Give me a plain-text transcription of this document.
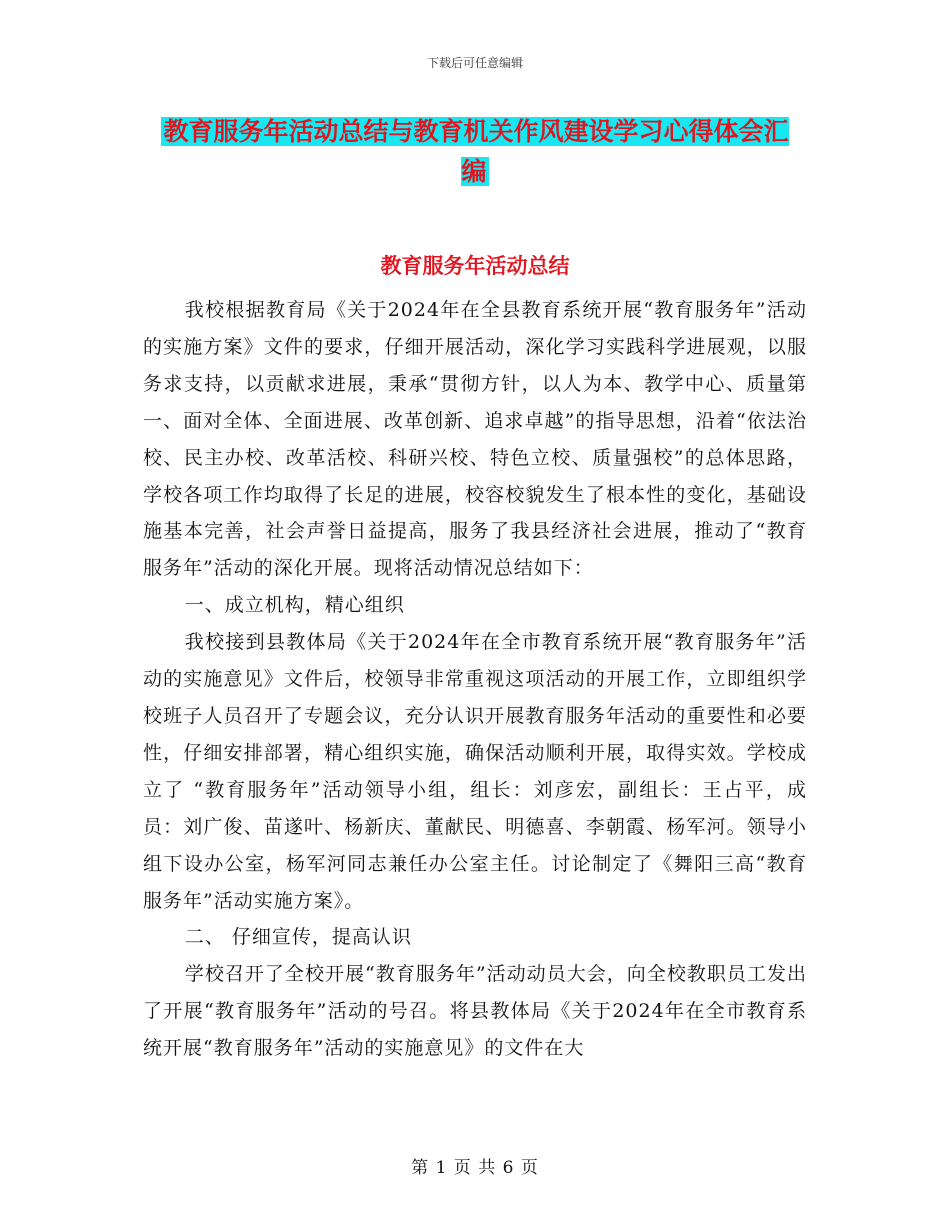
下载后可任意编辑
教育服务年活动总结与教育机关作风建设学习心得体会汇编
教育服务年活动总结

我校根据教育局《关于2024年在全县教育系统开展“教育服务年”活动的实施方案》文件的要求，仔细开展活动，深化学习实践科学进展观，以服务求支持，以贡献求进展，秉承“贯彻方针，以人为本、教学中心、质量第一、面对全体、全面进展、改革创新、追求卓越”的指导思想，沿着“依法治校、民主办校、改革活校、科研兴校、特色立校、质量强校”的总体思路，学校各项工作均取得了长足的进展，校容校貌发生了根本性的变化，基础设施基本完善，社会声誉日益提高，服务了我县经济社会进展，推动了“教育服务年”活动的深化开展。现将活动情况总结如下：

一、成立机构，精心组织

我校接到县教体局《关于2024年在全市教育系统开展“教育服务年”活动的实施意见》文件后，校领导非常重视这项活动的开展工作，立即组织学校班子人员召开了专题会议，充分认识开展教育服务年活动的重要性和必要性，仔细安排部署，精心组织实施，确保活动顺利开展，取得实效。学校成立了 “教育服务年”活动领导小组，组长：刘彦宏，副组长：王占平，成员：刘广俊、苗遂叶、杨新庆、董献民、明德喜、李朝霞、杨军河。领导小组下设办公室，杨军河同志兼任办公室主任。讨论制定了《舞阳三高“教育服务年”活动实施方案》。

二、 仔细宣传，提高认识

学校召开了全校开展“教育服务年”活动动员大会，向全校教职员工发出了开展“教育服务年”活动的号召。将县教体局《关于2024年在全市教育系统开展“教育服务年”活动的实施意见》的文件在大

第 1 页 共 6 页
